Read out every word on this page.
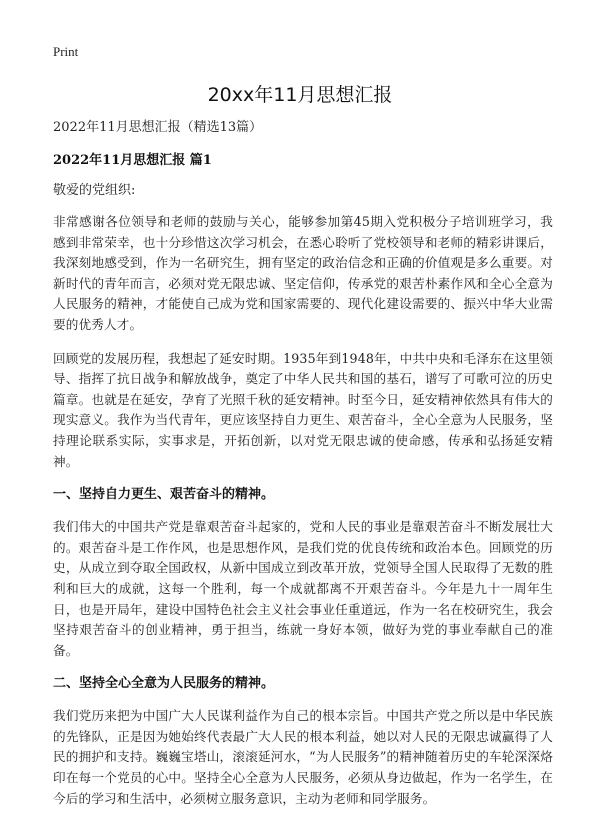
Print
20xx年11月思想汇报

2022年11月思想汇报（精选13篇）

2022年11月思想汇报 篇1

敬爱的党组织:

非常感谢各位领导和老师的鼓励与关心，能够参加第45期入党积极分子培训班学习，我感到非常荣幸，也十分珍惜这次学习机会，在悉心聆听了党校领导和老师的精彩讲课后，我深刻地感受到，作为一名研究生，拥有坚定的政治信念和正确的价值观是多么重要。对新时代的青年而言，必须对党无限忠诚、坚定信仰，传承党的艰苦朴素作风和全心全意为人民服务的精神，才能使自己成为党和国家需要的、现代化建设需要的、振兴中华大业需要的优秀人才。

回顾党的发展历程，我想起了延安时期。1935年到1948年，中共中央和毛泽东在这里领导、指挥了抗日战争和解放战争，奠定了中华人民共和国的基石，谱写了可歌可泣的历史篇章。也就是在延安，孕育了光照千秋的延安精神。时至今日，延安精神依然具有伟大的现实意义。我作为当代青年，更应该坚持自力更生、艰苦奋斗，全心全意为人民服务，坚持理论联系实际，实事求是，开拓创新，以对党无限忠诚的使命感，传承和弘扬延安精神。

一、坚持自力更生、艰苦奋斗的精神。

我们伟大的中国共产党是靠艰苦奋斗起家的，党和人民的事业是靠艰苦奋斗不断发展壮大的。艰苦奋斗是工作作风，也是思想作风，是我们党的优良传统和政治本色。回顾党的历史，从成立到夺取全国政权，从新中国成立到改革开放，党领导全国人民取得了无数的胜利和巨大的成就，这每一个胜利，每一个成就都离不开艰苦奋斗。今年是九十一周年生日，也是开局年，建设中国特色社会主义社会事业任重道远，作为一名在校研究生，我会坚持艰苦奋斗的创业精神，勇于担当，练就一身好本领，做好为党的事业奉献自己的准备。

二、坚持全心全意为人民服务的精神。

我们党历来把为中国广大人民谋利益作为自己的根本宗旨。中国共产党之所以是中华民族的先锋队，正是因为她始终代表最广大人民的根本利益，她以对人民的无限忠诚赢得了人民的拥护和支持。巍巍宝塔山，滚滚延河水，“为人民服务”的精神随着历史的车轮深深烙印在每一个党员的心中。坚持全心全意为人民服务，必须从身边做起，作为一名学生，在今后的学习和生活中，必须树立服务意识，主动为老师和同学服务。
